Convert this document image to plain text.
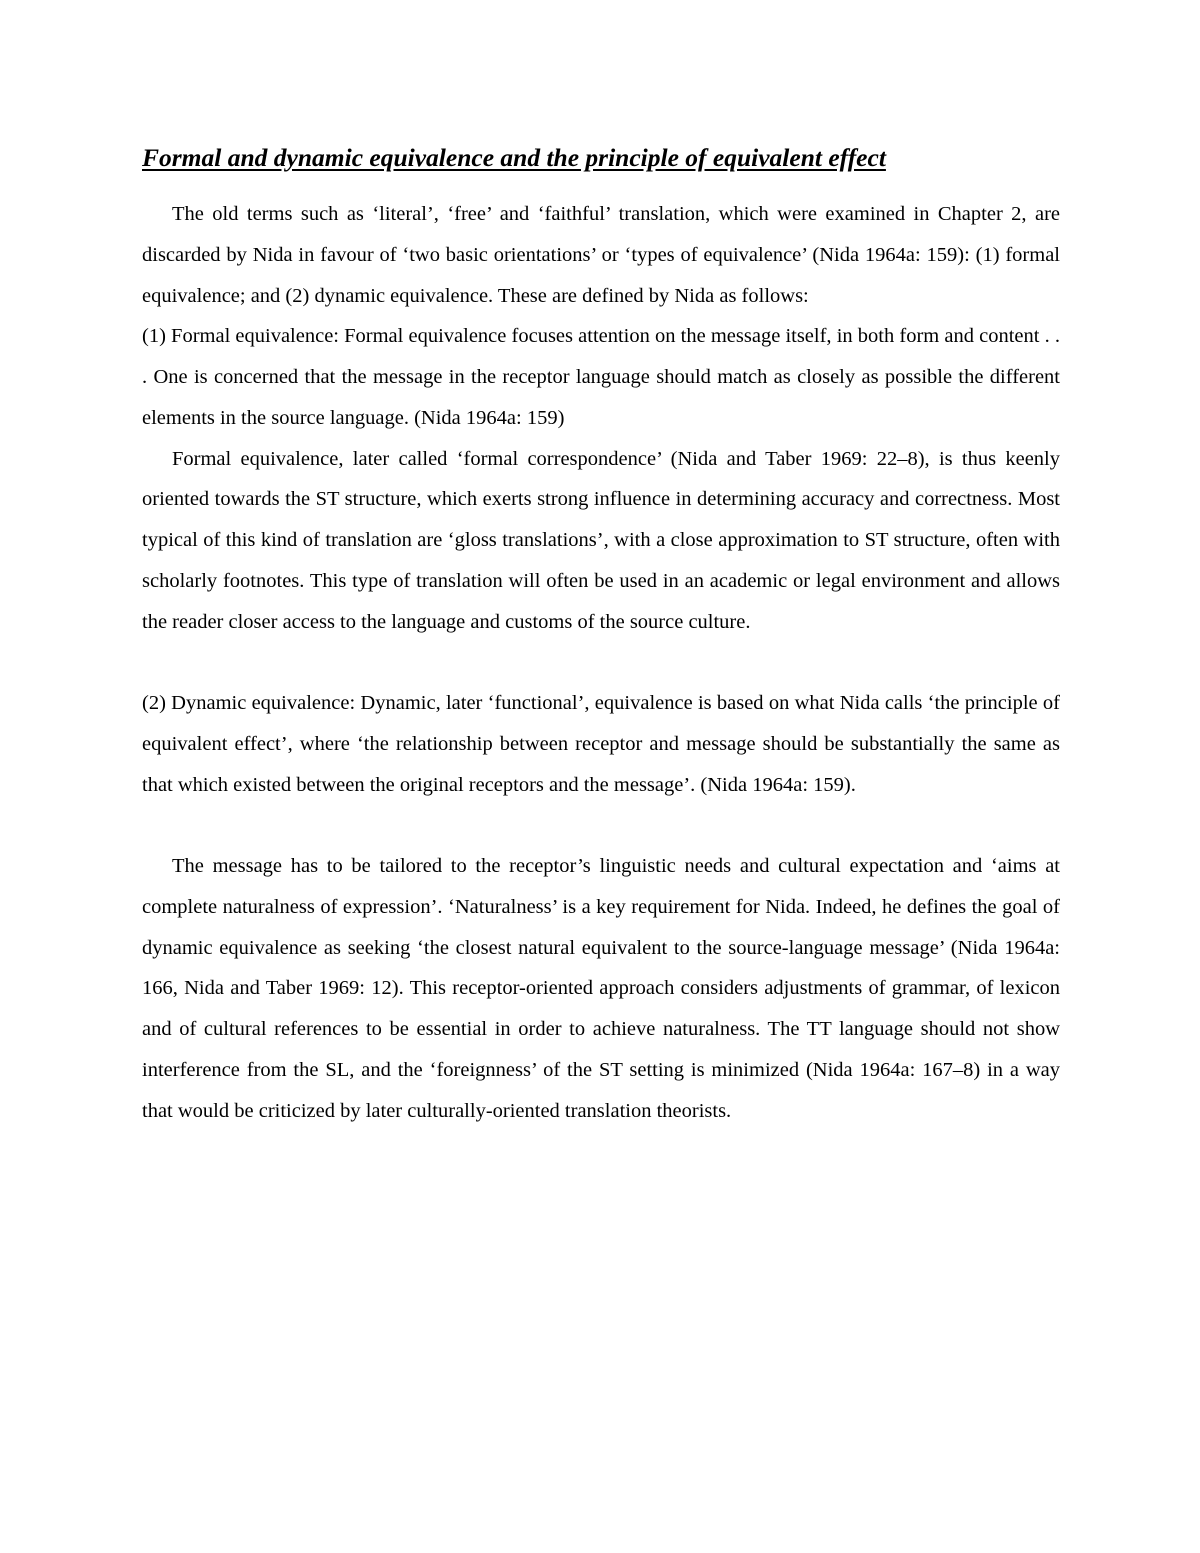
Formal and dynamic equivalence and the principle of equivalent effect

The old terms such as ‘literal’, ‘free’ and ‘faithful’ translation, which were examined in Chapter 2, are discarded by Nida in favour of ‘two basic orientations’ or ‘types of equivalence’ (Nida 1964a: 159): (1) formal equivalence; and (2) dynamic equivalence. These are defined by Nida as follows:

(1) Formal equivalence: Formal equivalence focuses attention on the message itself, in both form and content . . . One is concerned that the message in the receptor language should match as closely as possible the different elements in the source language. (Nida 1964a: 159)

Formal equivalence, later called ‘formal correspondence’ (Nida and Taber 1969: 22–8), is thus keenly oriented towards the ST structure, which exerts strong influence in determining accuracy and correctness. Most typical of this kind of translation are ‘gloss translations’, with a close approximation to ST structure, often with scholarly footnotes. This type of translation will often be used in an academic or legal environment and allows the reader closer access to the language and customs of the source culture.

(2) Dynamic equivalence: Dynamic, later ‘functional’, equivalence is based on what Nida calls ‘the principle of equivalent effect’, where ‘the relationship between receptor and message should be substantially the same as that which existed between the original receptors and the message’. (Nida 1964a: 159).

The message has to be tailored to the receptor’s linguistic needs and cultural expectation and ‘aims at complete naturalness of expression’. ‘Naturalness’ is a key requirement for Nida. Indeed, he defines the goal of dynamic equivalence as seeking ‘the closest natural equivalent to the source-language message’ (Nida 1964a: 166, Nida and Taber 1969: 12). This receptor-oriented approach considers adjustments of grammar, of lexicon and of cultural references to be essential in order to achieve naturalness. The TT language should not show interference from the SL, and the ‘foreignness’ of the ST setting is minimized (Nida 1964a: 167–8) in a way that would be criticized by later culturally-oriented translation theorists.
